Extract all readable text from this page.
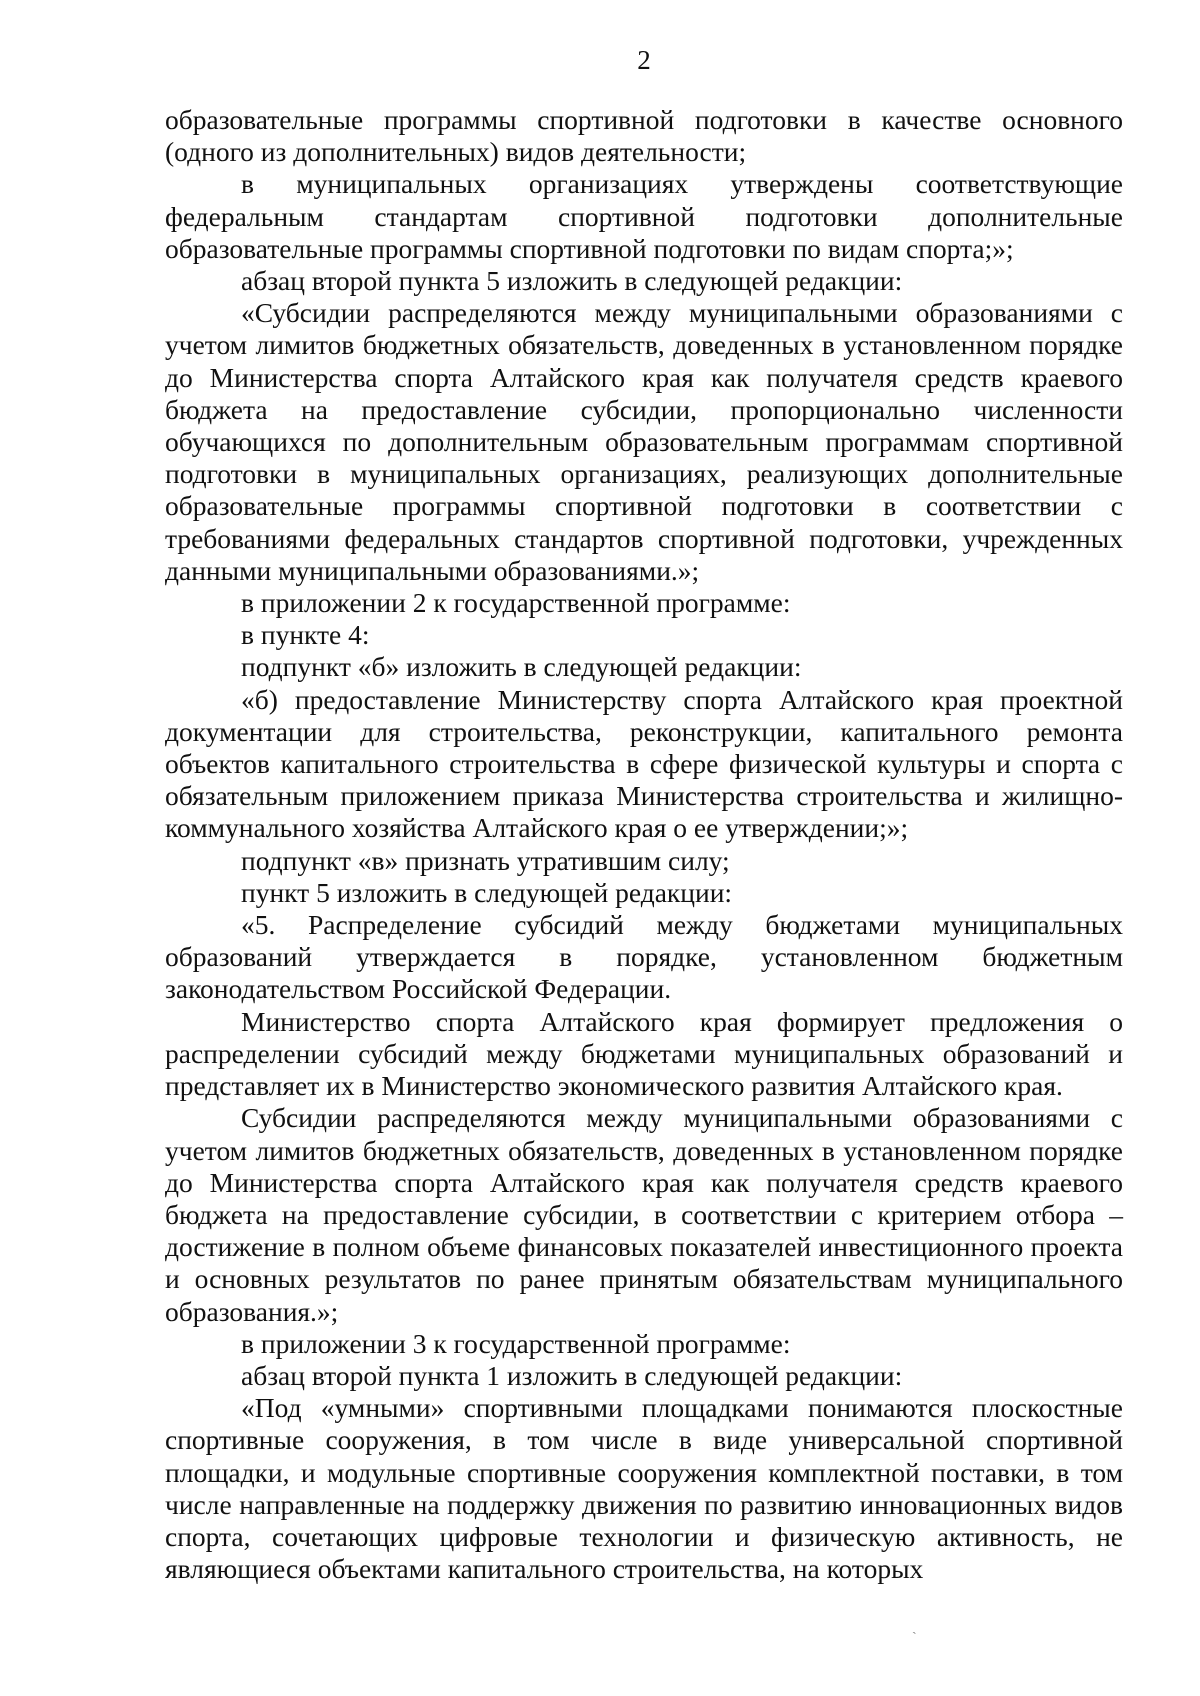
2

образовательные программы спортивной подготовки в качестве основного (одного из дополнительных) видов деятельности;

в муниципальных организациях утверждены соответствующие федеральным стандартам спортивной подготовки дополнительные образовательные программы спортивной подготовки по видам спорта;»;

абзац второй пункта 5 изложить в следующей редакции:

«Субсидии распределяются между муниципальными образованиями с учетом лимитов бюджетных обязательств, доведенных в установленном порядке до Министерства спорта Алтайского края как получателя средств краевого бюджета на предоставление субсидии, пропорционально численности обучающихся по дополнительным образовательным программам спортивной подготовки в муниципальных организациях, реализующих дополнительные образовательные программы спортивной подготовки в соответствии с требованиями федеральных стандартов спортивной подготовки, учрежденных данными муниципальными образованиями.»;

в приложении 2 к государственной программе:

в пункте 4:

подпункт «б» изложить в следующей редакции:

«б) предоставление Министерству спорта Алтайского края проектной документации для строительства, реконструкции, капитального ремонта объектов капитального строительства в сфере физической культуры и спорта с обязательным приложением приказа Министерства строительства и жилищно-коммунального хозяйства Алтайского края о ее утверждении;»;

подпункт «в» признать утратившим силу;

пункт 5 изложить в следующей редакции:

«5. Распределение субсидий между бюджетами муниципальных образований утверждается в порядке, установленном бюджетным законодательством Российской Федерации.

Министерство спорта Алтайского края формирует предложения о распределении субсидий между бюджетами муниципальных образований и представляет их в Министерство экономического развития Алтайского края.

Субсидии распределяются между муниципальными образованиями с учетом лимитов бюджетных обязательств, доведенных в установленном порядке до Министерства спорта Алтайского края как получателя средств краевого бюджета на предоставление субсидии, в соответствии с критерием отбора – достижение в полном объеме финансовых показателей инвестиционного проекта и основных результатов по ранее принятым обязательствам муниципального образования.»;

в приложении 3 к государственной программе:

абзац второй пункта 1 изложить в следующей редакции:

«Под «умными» спортивными площадками понимаются плоскостные спортивные сооружения, в том числе в виде универсальной спортивной площадки, и модульные спортивные сооружения комплектной поставки, в том числе направленные на поддержку движения по развитию инновационных видов спорта, сочетающих цифровые технологии и физическую активность, не являющиеся объектами капитального строительства, на которых

ˏ
